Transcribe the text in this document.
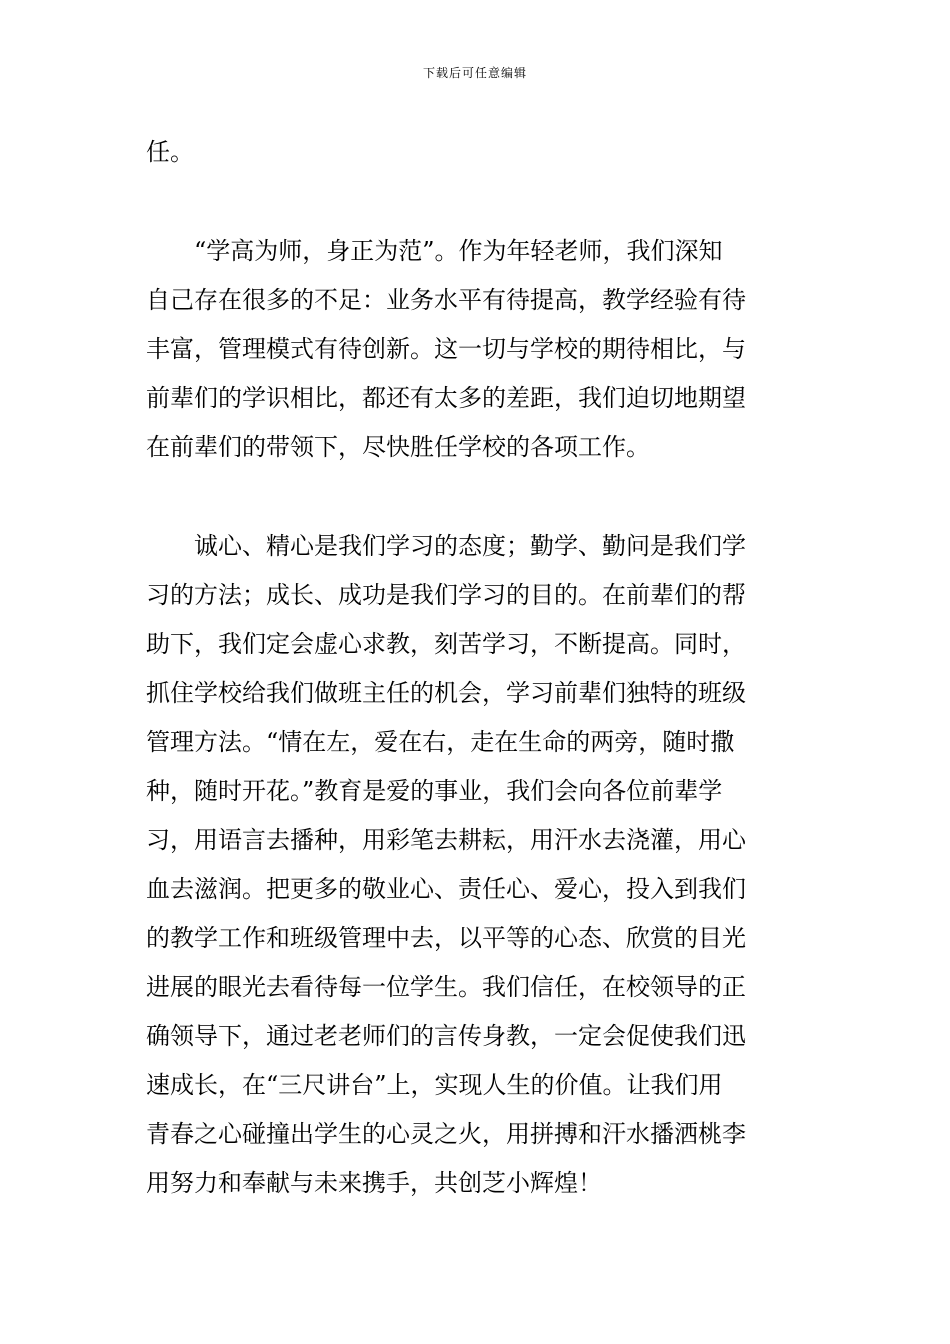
下载后可任意编辑
任。
　　“学高为师，身正为范”。作为年轻老师，我们深知
自己存在很多的不足：业务水平有待提高，教学经验有待
丰富，管理模式有待创新。这一切与学校的期待相比，与
前辈们的学识相比，都还有太多的差距，我们迫切地期望
在前辈们的带领下，尽快胜任学校的各项工作。
　　诚心、精心是我们学习的态度；勤学、勤问是我们学
习的方法；成长、成功是我们学习的目的。在前辈们的帮
助下，我们定会虚心求教，刻苦学习，不断提高。同时，
抓住学校给我们做班主任的机会，学习前辈们独特的班级
管理方法。“情在左，爱在右，走在生命的两旁，随时撒
种，随时开花。”教育是爱的事业，我们会向各位前辈学
习，用语言去播种，用彩笔去耕耘，用汗水去浇灌，用心
血去滋润。把更多的敬业心、责任心、爱心，投入到我们
的教学工作和班级管理中去，以平等的心态、欣赏的目光
进展的眼光去看待每一位学生。我们信任，在校领导的正
确领导下，通过老老师们的言传身教，一定会促使我们迅
速成长，在“三尺讲台”上，实现人生的价值。让我们用
青春之心碰撞出学生的心灵之火，用拼搏和汗水播洒桃李
用努力和奉献与未来携手，共创芝小辉煌！
